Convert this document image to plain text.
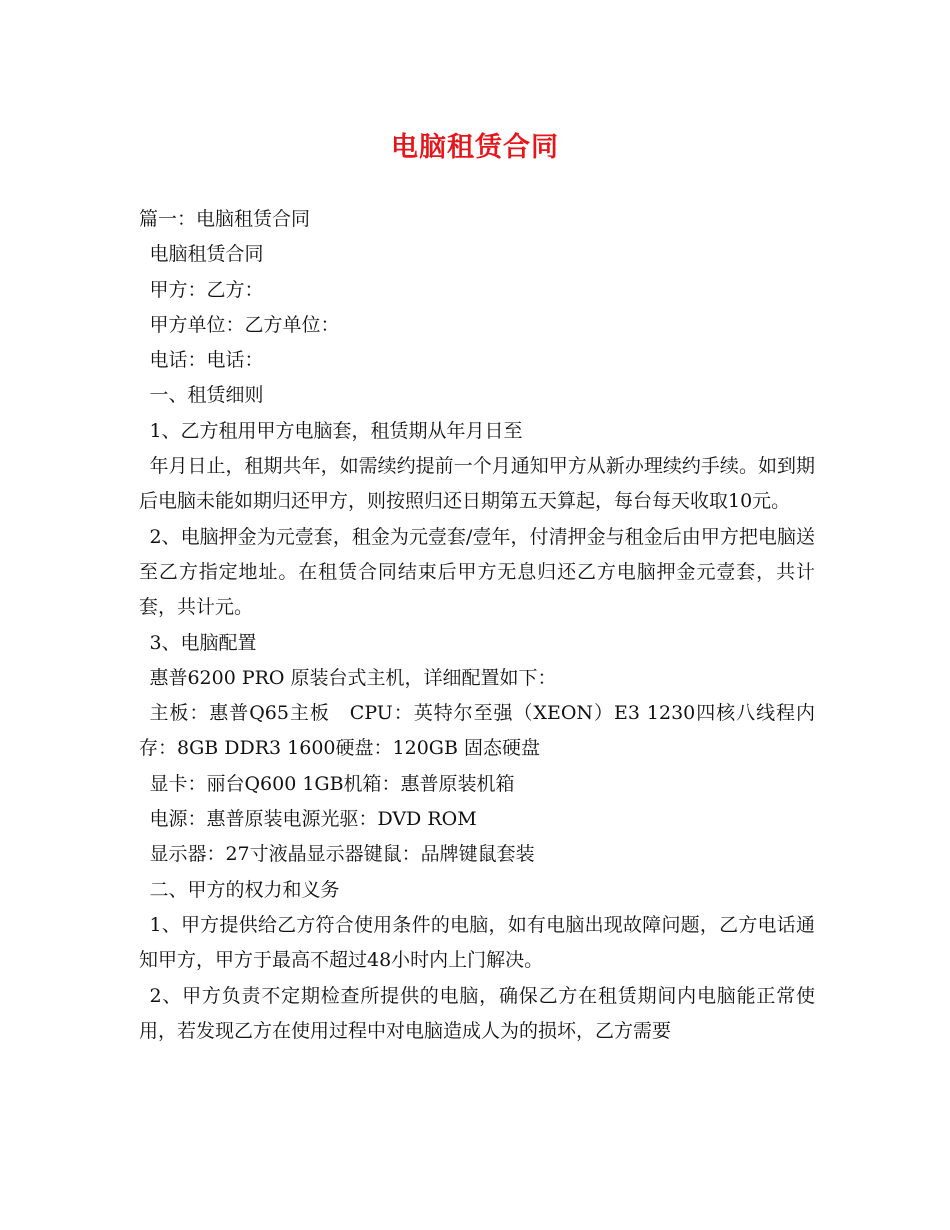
电脑租赁合同

篇一：电脑租赁合同

电脑租赁合同

甲方：乙方：

甲方单位：乙方单位：

电话：电话：

一、租赁细则

1、乙方租用甲方电脑套，租赁期从年月日至

年月日止，租期共年，如需续约提前一个月通知甲方从新办理续约手续。如到期后电脑未能如期归还甲方，则按照归还日期第五天算起，每台每天收取10元。

2、电脑押金为元壹套，租金为元壹套/壹年，付清押金与租金后由甲方把电脑送至乙方指定地址。在租赁合同结束后甲方无息归还乙方电脑押金元壹套，共计套，共计元。

3、电脑配置

惠普6200 PRO 原装台式主机，详细配置如下：

主板：惠普Q65主板　CPU：英特尔至强（XEON）E3 1230四核八线程内存：8GB DDR3 1600硬盘：120GB 固态硬盘

显卡：丽台Q600 1GB机箱：惠普原装机箱

电源：惠普原装电源光驱：DVD ROM

显示器：27寸液晶显示器键鼠：品牌键鼠套装

二、甲方的权力和义务

1、甲方提供给乙方符合使用条件的电脑，如有电脑出现故障问题，乙方电话通知甲方，甲方于最高不超过48小时内上门解决。

2、甲方负责不定期检查所提供的电脑，确保乙方在租赁期间内电脑能正常使用，若发现乙方在使用过程中对电脑造成人为的损坏，乙方需要
